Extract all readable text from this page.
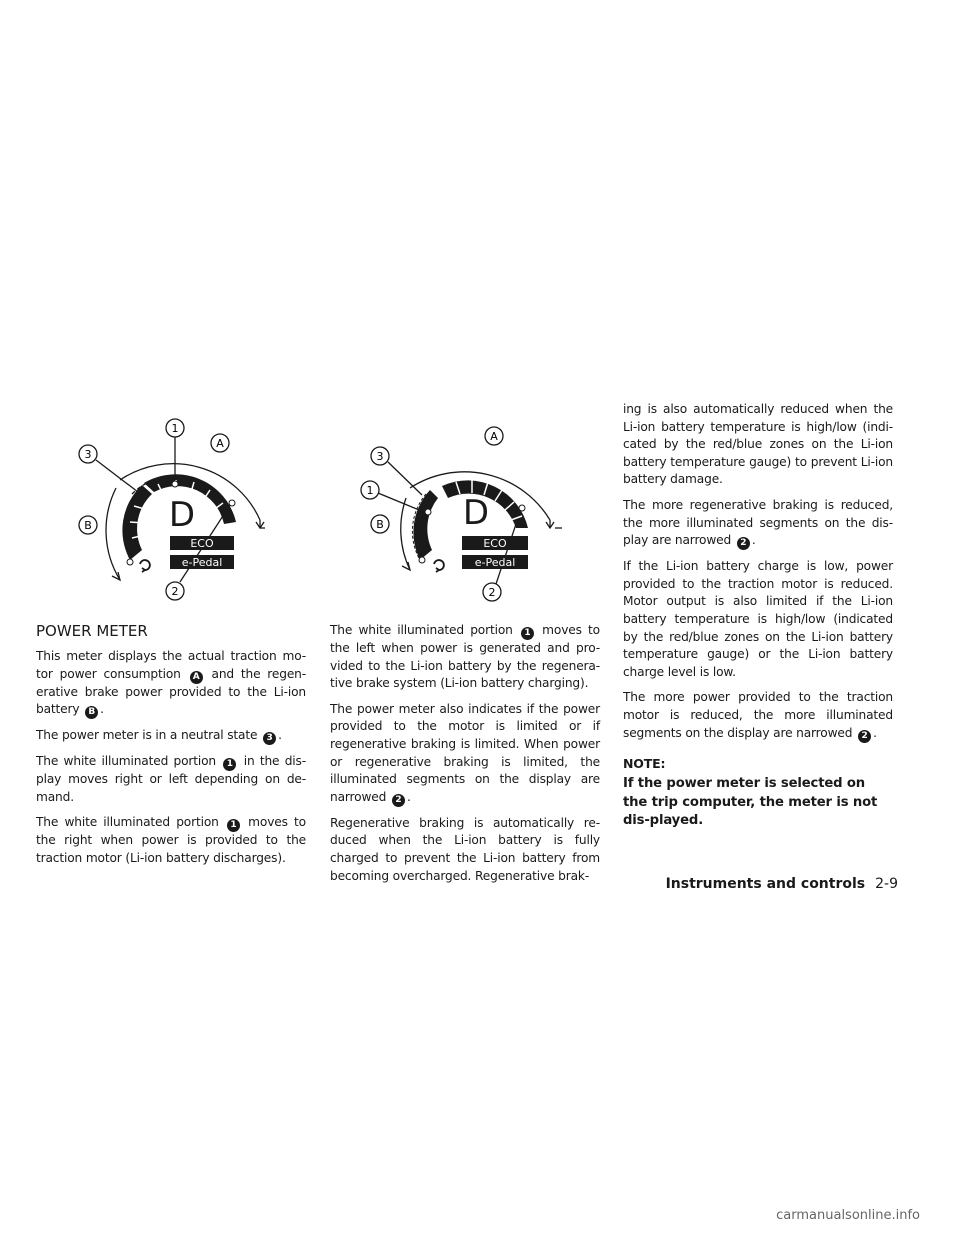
1
A
3
B
2
D
ECO
e-Pedal
A
3
1
B
2
D
ECO
e-Pedal
POWER METER

This meter displays the actual traction mo-tor power consumption A and the regen-erative brake power provided to the Li-ion battery B .

The power meter is in a neutral state 3 .

The white illuminated portion 1 in the dis-play moves right or left depending on de-mand.

The white illuminated portion 1 moves to the right when power is provided to the traction motor (Li-ion battery discharges).

The white illuminated portion 1 moves to the left when power is generated and pro-vided to the Li-ion battery by the regenera-tive brake system (Li-ion battery charging).

The power meter also indicates if the power provided to the motor is limited or if regenerative braking is limited. When power or regenerative braking is limited, the illuminated segments on the display are narrowed 2 .

Regenerative braking is automatically re-duced when the Li-ion battery is fully charged to prevent the Li-ion battery from becoming overcharged. Regenerative brak-

ing is also automatically reduced when the Li-ion battery temperature is high/low (indi-cated by the red/blue zones on the Li-ion battery temperature gauge) to prevent Li-ion battery damage.

The more regenerative braking is reduced, the more illuminated segments on the dis-play are narrowed 2 .

If the Li-ion battery charge is low, power provided to the traction motor is reduced. Motor output is also limited if the Li-ion battery temperature is high/low (indicated by the red/blue zones on the Li-ion battery temperature gauge) or the Li-ion battery charge level is low.

The more power provided to the traction motor is reduced, the more illuminated segments on the display are narrowed 2 .

NOTE:

If the power meter is selected on the trip computer, the meter is not dis-played.

Instruments and controls 2-9
carmanualsonline.info
